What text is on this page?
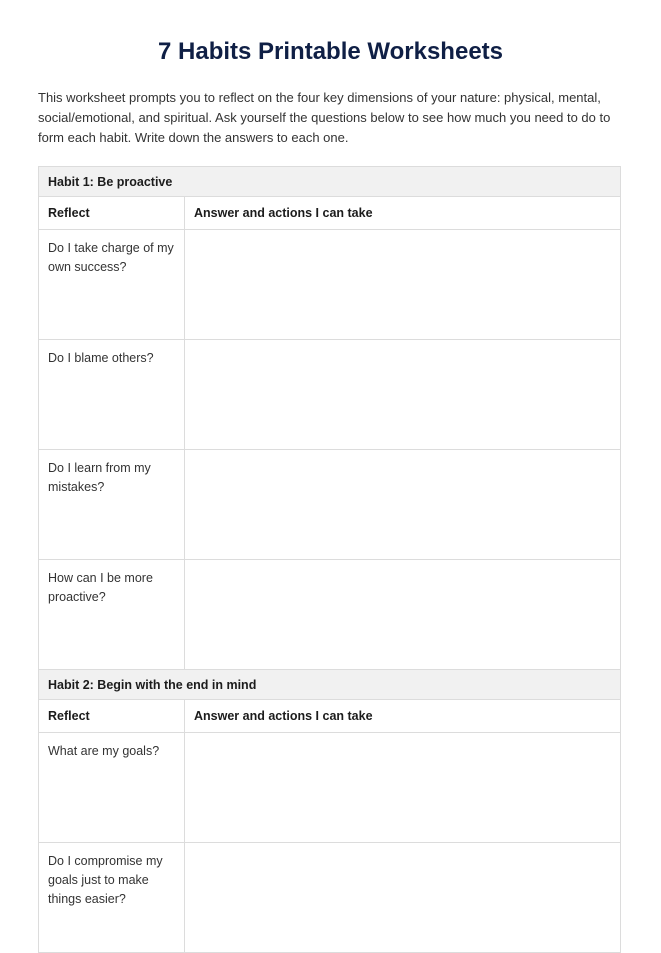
7 Habits Printable Worksheets

This worksheet prompts you to reflect on the four key dimensions of your nature: physical, mental, social/emotional, and spiritual. Ask yourself the questions below to see how much you need to do to form each habit. Write down the answers to each one.

Habit 1: Be proactive	
Reflect	Answer and actions I can take
Do I take charge of my own success?	
Do I blame others?	
Do I learn from my mistakes?	
How can I be more proactive?	
Habit 2: Begin with the end in mind	
Reflect	Answer and actions I can take
What are my goals?	
Do I compromise my goals just to make things easier?	
